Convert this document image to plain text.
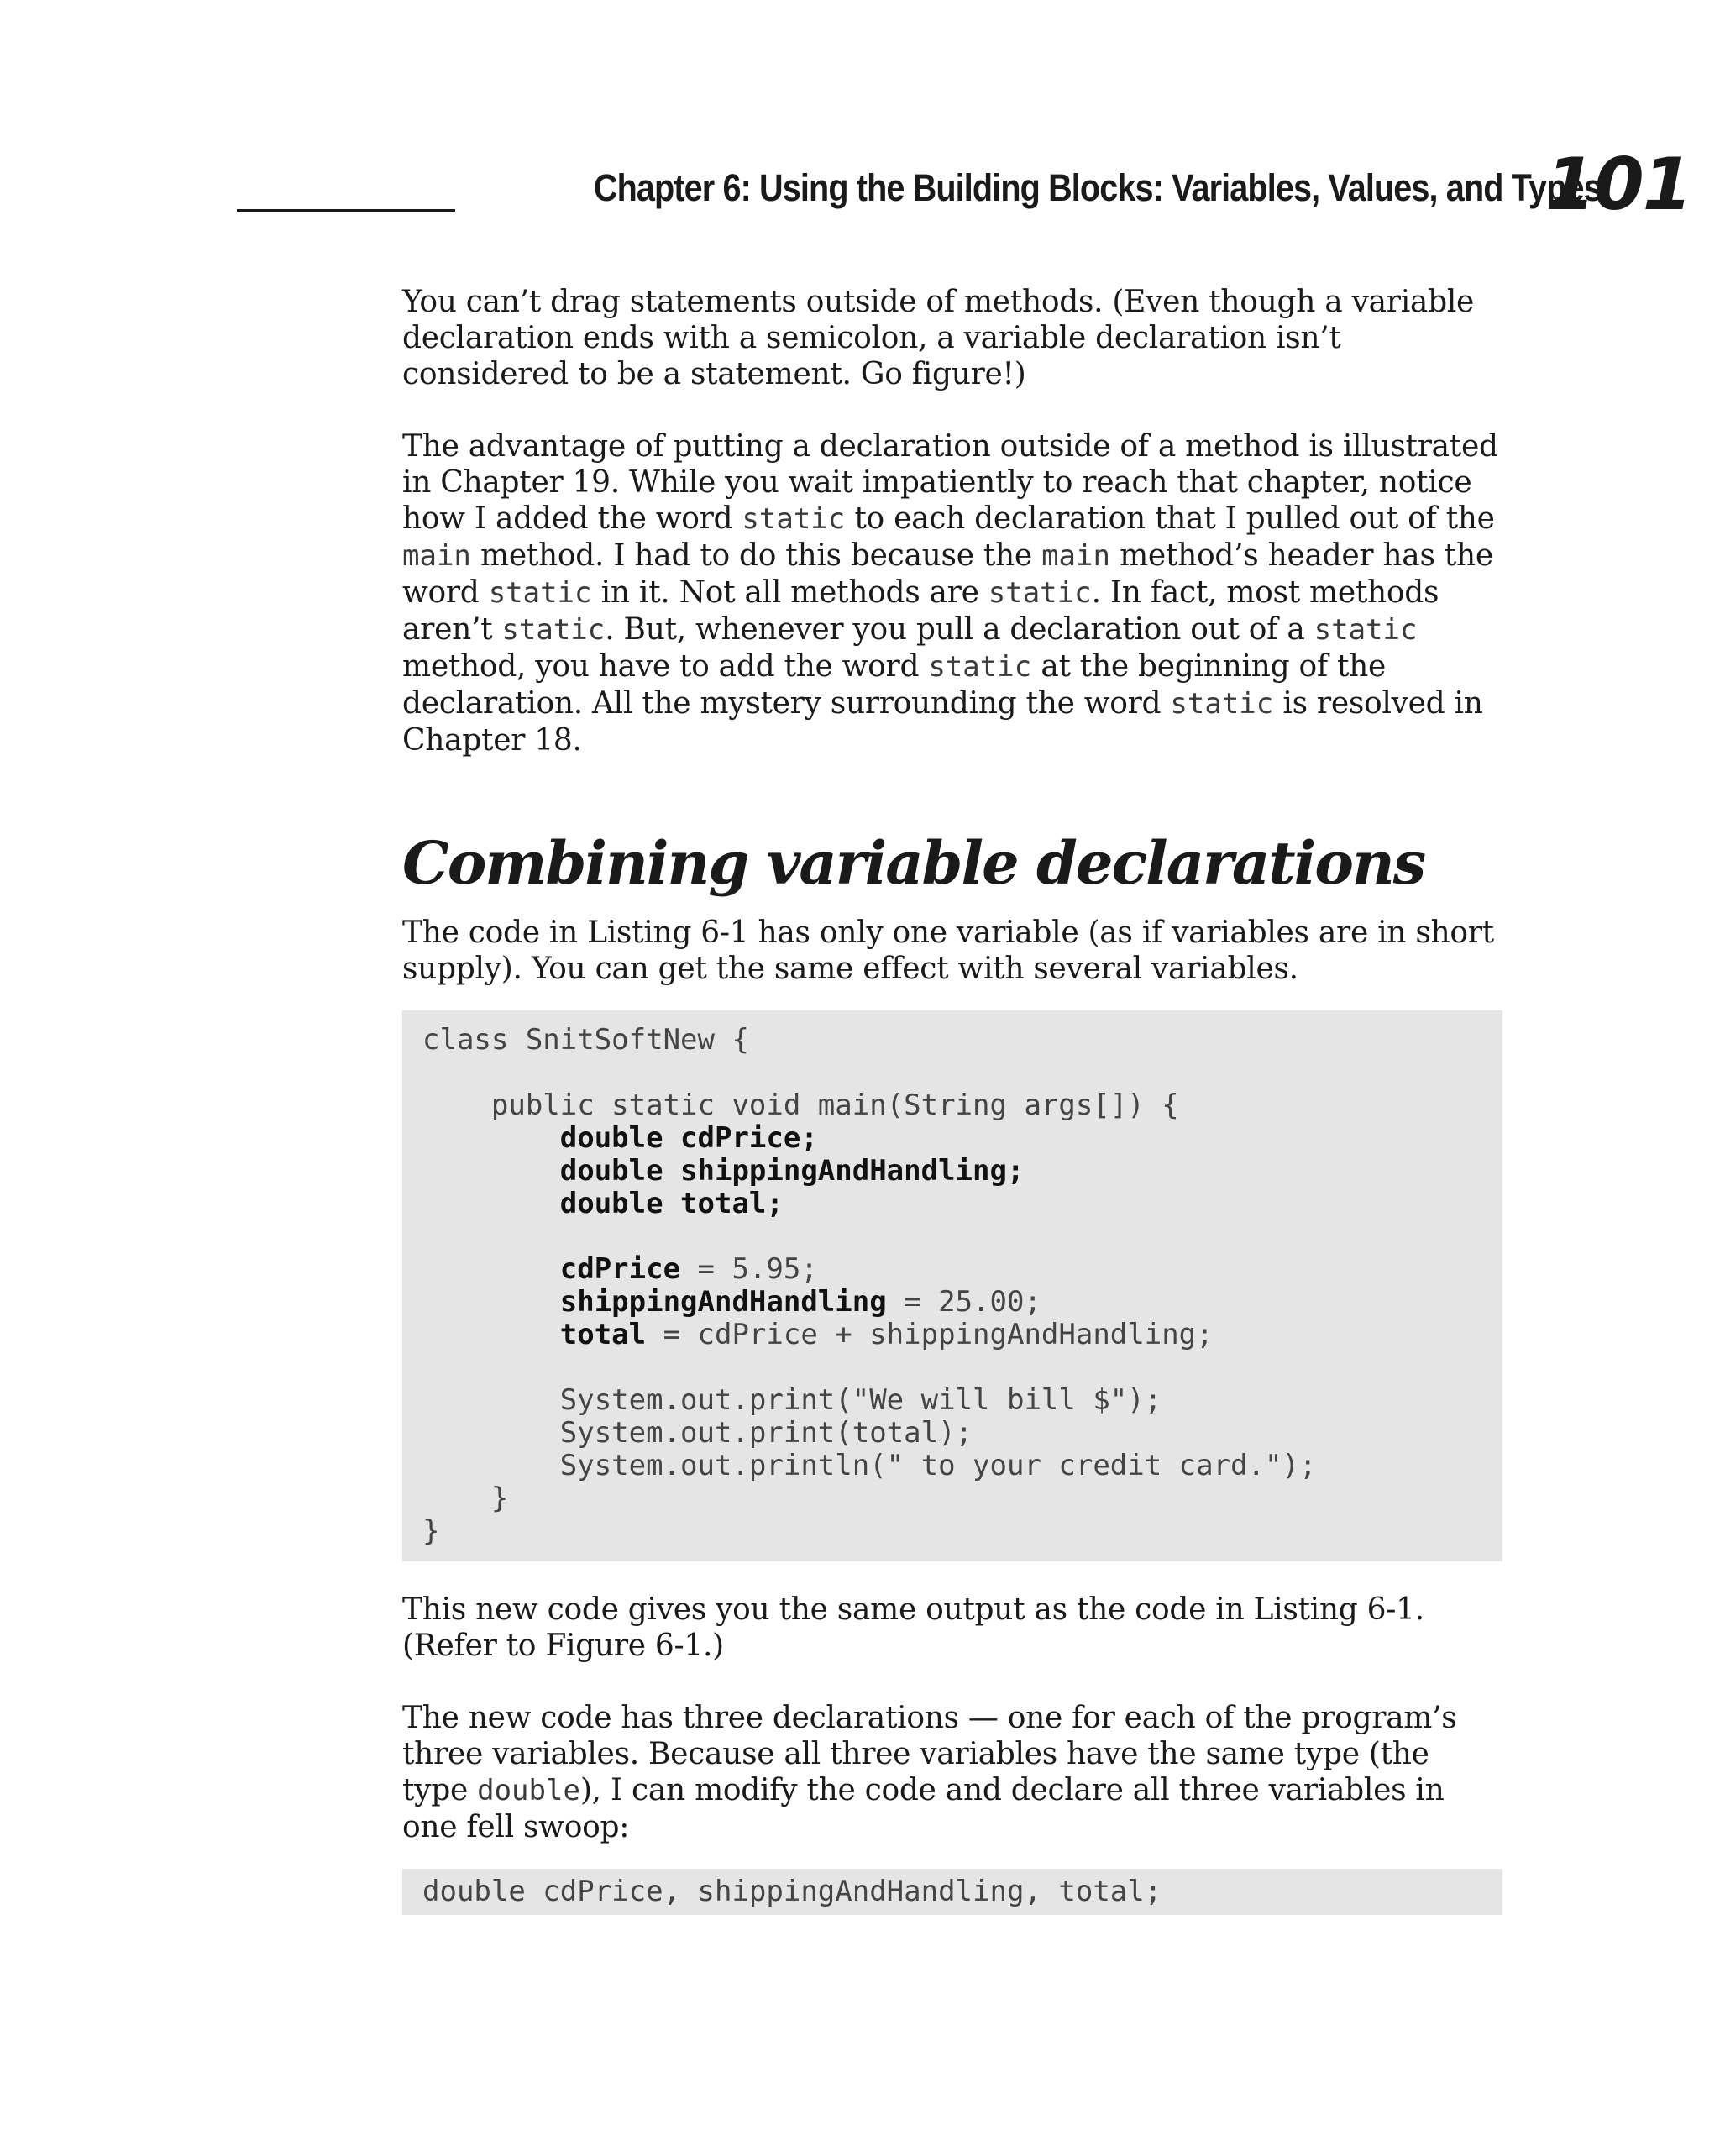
Chapter 6: Using the Building Blocks: Variables, Values, and Types
101

You can’t drag statements outside of methods. (Even though a variable declaration ends with a semicolon, a variable declaration isn’t considered to be a statement. Go figure!)

The advantage of putting a declaration outside of a method is illustrated in Chapter 19. While you wait impatiently to reach that chapter, notice how I added the word static to each declaration that I pulled out of the main method. I had to do this because the main method’s header has the word static in it. Not all methods are static. In fact, most methods aren’t static. But, whenever you pull a declaration out of a static method, you have to add the word static at the beginning of the declaration. All the mystery surrounding the word static is resolved in Chapter 18.

Combining variable declarations

The code in Listing 6-1 has only one variable (as if variables are in short supply). You can get the same effect with several variables.

class SnitSoftNew {
public static void main(String args[]) {
double cdPrice;
double shippingAndHandling;
double total;
cdPrice = 5.95;
shippingAndHandling = 25.00;
total = cdPrice + shippingAndHandling;
System.out.print("We will bill $");
System.out.print(total);
System.out.println(" to your credit card.");
}
}

This new code gives you the same output as the code in Listing 6-1. (Refer to Figure 6-1.)

The new code has three declarations — one for each of the program’s three variables. Because all three variables have the same type (the type double), I can modify the code and declare all three variables in one fell swoop:

double cdPrice, shippingAndHandling, total;
